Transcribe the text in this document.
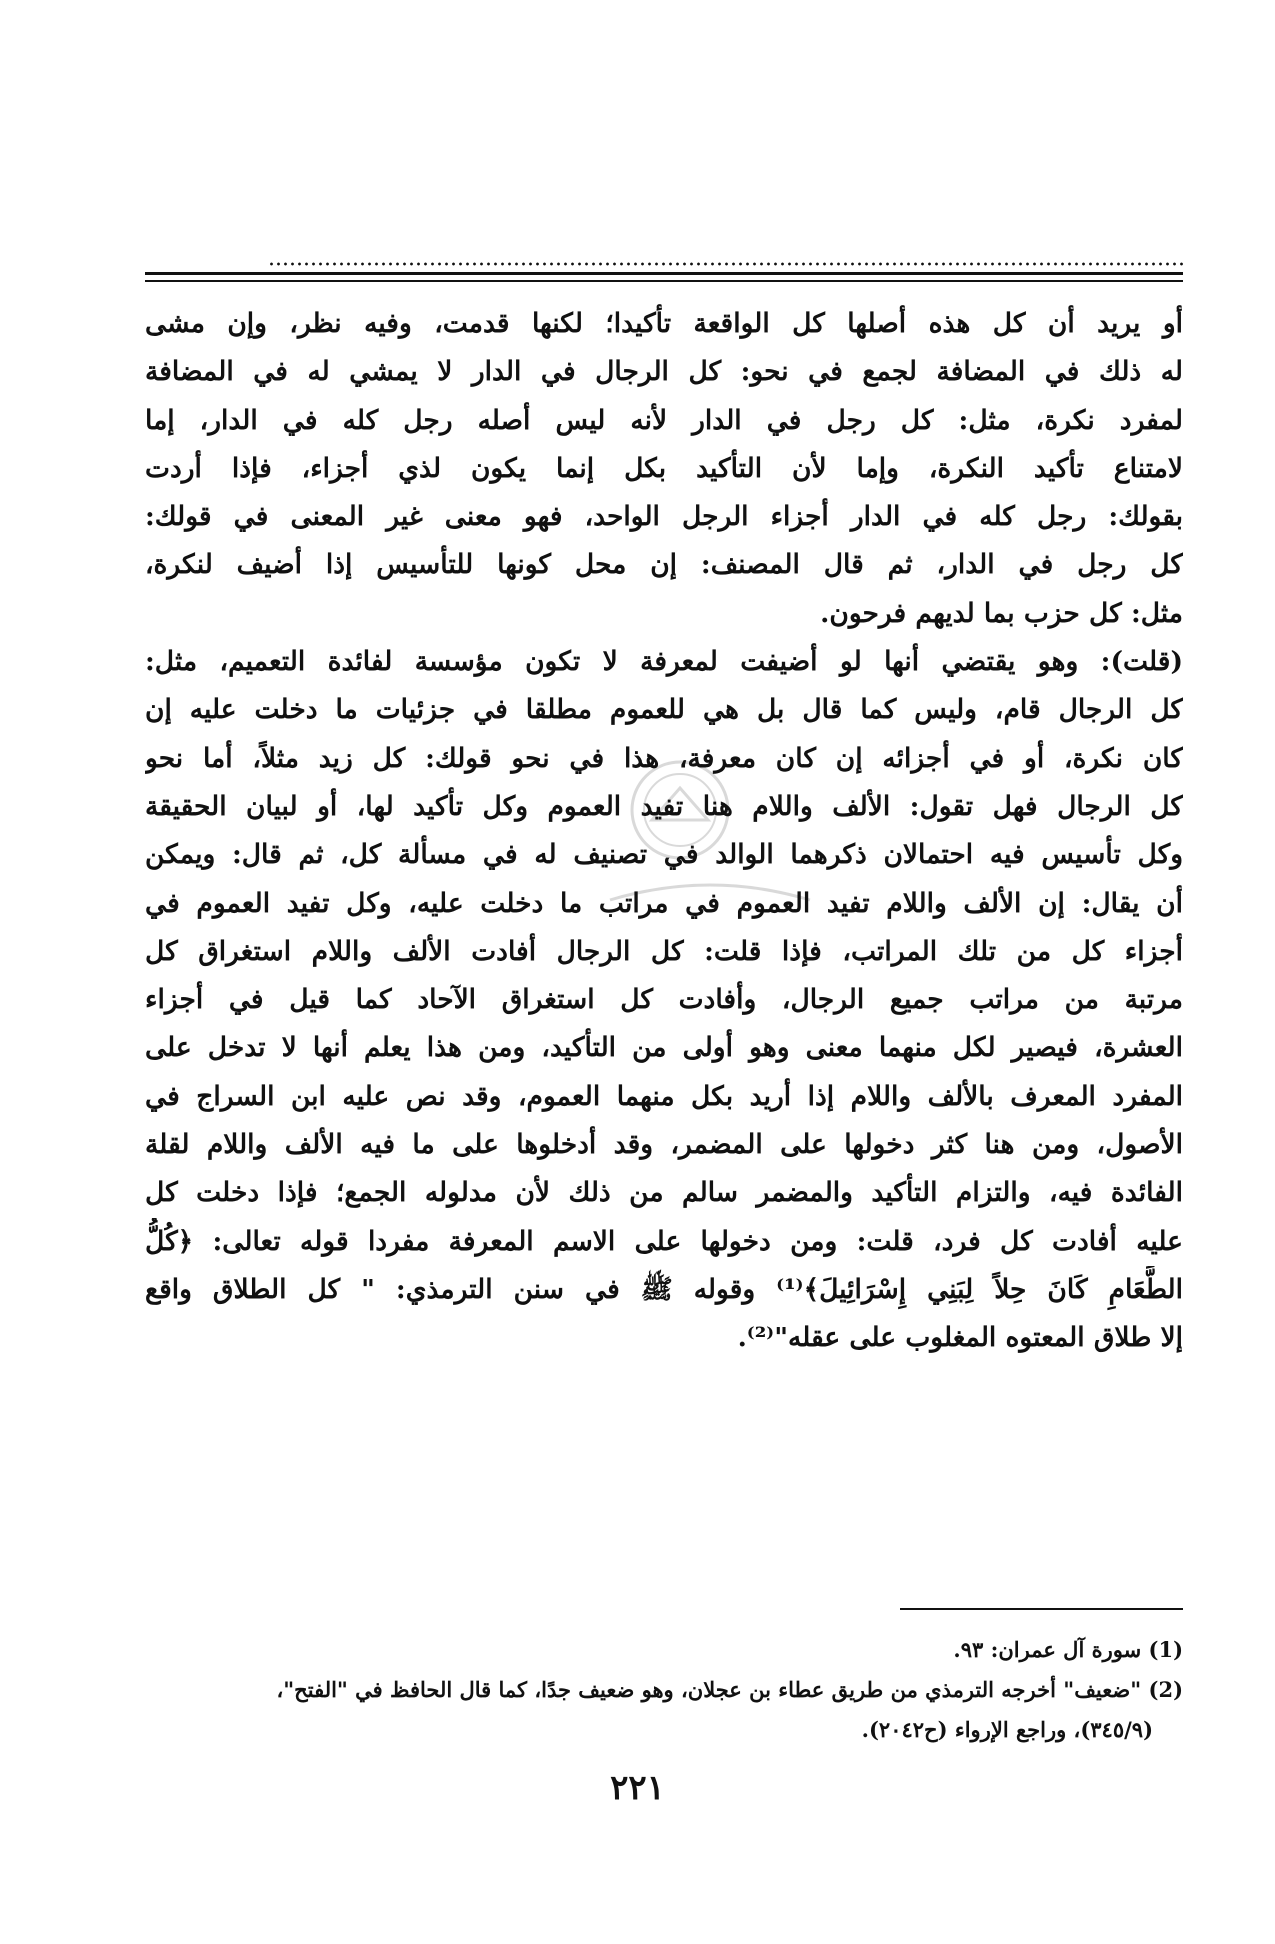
أو يريد أن كل هذه أصلها كل الواقعة تأكيدا؛ لكنها قدمت، وفيه نظر، وإن مشى
له ذلك في المضافة لجمع في نحو: كل الرجال في الدار لا يمشي له في المضافة
لمفرد نكرة، مثل: كل رجل في الدار لأنه ليس أصله رجل كله في الدار، إما
لامتناع تأكيد النكرة، وإما لأن التأكيد بكل إنما يكون لذي أجزاء، فإذا أردت
بقولك: رجل كله في الدار أجزاء الرجل الواحد، فهو معنى غير المعنى في قولك:
كل رجل في الدار، ثم قال المصنف: إن محل كونها للتأسيس إذا أضيف لنكرة،
مثل: كل حزب بما لديهم فرحون.
(قلت): وهو يقتضي أنها لو أضيفت لمعرفة لا تكون مؤسسة لفائدة التعميم، مثل:
كل الرجال قام، وليس كما قال بل هي للعموم مطلقا في جزئيات ما دخلت عليه إن
كان نكرة، أو في أجزائه إن كان معرفة، هذا في نحو قولك: كل زيد مثلاً، أما نحو
كل الرجال فهل تقول: الألف واللام هنا تفيد العموم وكل تأكيد لها، أو لبيان الحقيقة
وكل تأسيس فيه احتمالان ذكرهما الوالد في تصنيف له في مسألة كل، ثم قال: ويمكن
أن يقال: إن الألف واللام تفيد العموم في مراتب ما دخلت عليه، وكل تفيد العموم في
أجزاء كل من تلك المراتب، فإذا قلت: كل الرجال أفادت الألف واللام استغراق كل
مرتبة من مراتب جميع الرجال، وأفادت كل استغراق الآحاد كما قيل في أجزاء
العشرة، فيصير لكل منهما معنى وهو أولى من التأكيد، ومن هذا يعلم أنها لا تدخل على
المفرد المعرف بالألف واللام إذا أريد بكل منهما العموم، وقد نص عليه ابن السراج في
الأصول، ومن هنا كثر دخولها على المضمر، وقد أدخلوها على ما فيه الألف واللام لقلة
الفائدة فيه، والتزام التأكيد والمضمر سالم من ذلك لأن مدلوله الجمع؛ فإذا دخلت كل
عليه أفادت كل فرد، قلت: ومن دخولها على الاسم المعرفة مفردا قوله تعالى: ﴿كُلُّ
الطَّعَامِ كَانَ حِلاً لِبَنِي إِسْرَائِيلَ﴾⁽¹⁾ وقوله ﷺ في سنن الترمذي: " كل الطلاق واقع
إلا طلاق المعتوه المغلوب على عقله"⁽²⁾.
(1) سورة آل عمران: ٩٣.
(2) "ضعيف" أخرجه الترمذي من طريق عطاء بن عجلان، وهو ضعيف جدًا، كما قال الحافظ في "الفتح"،
(٣٤٥/٩)، وراجع الإرواء (ح٢٠٤٢).
٢٢١
